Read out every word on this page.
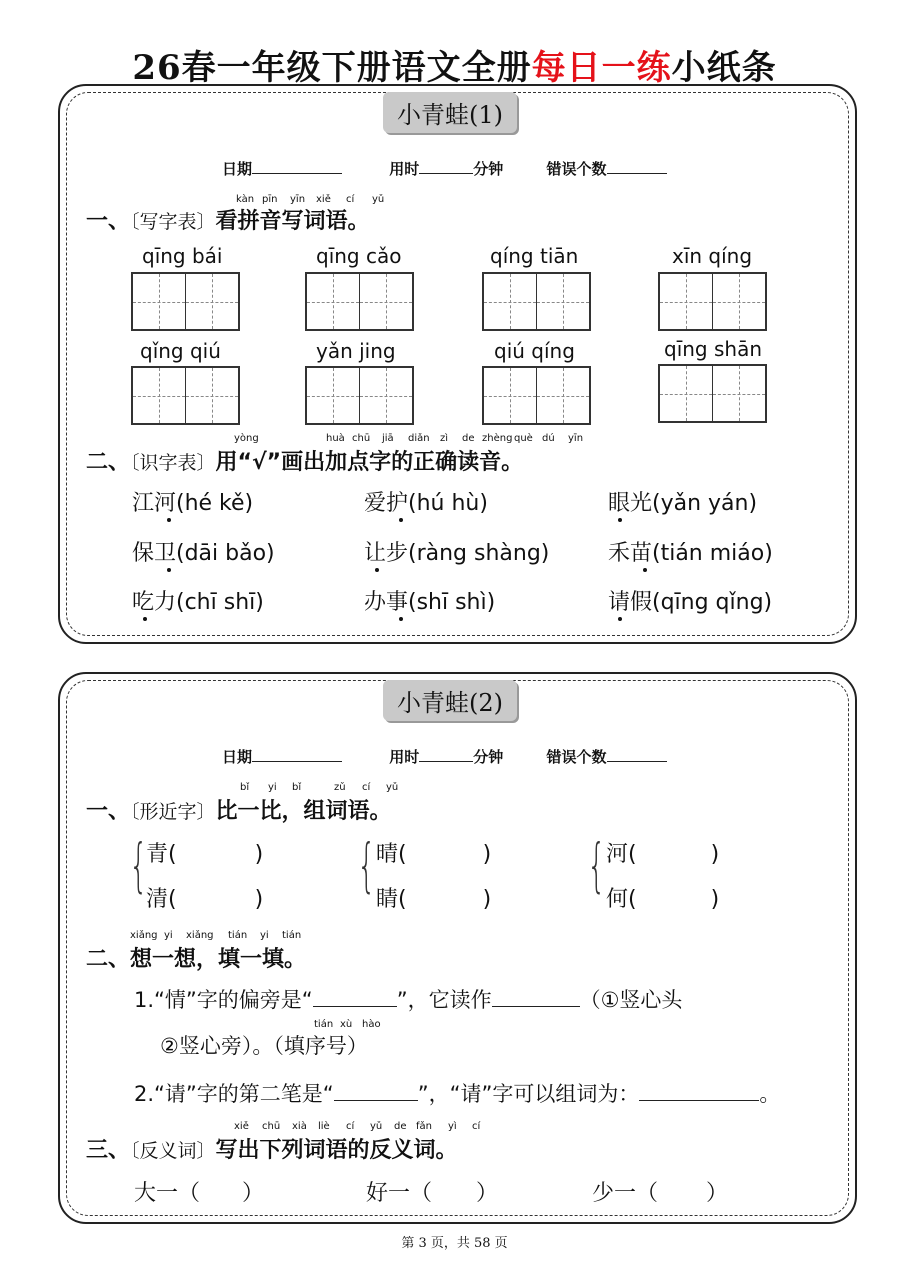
26春一年级下册语文全册每日一练小纸条
小青蛙(1)
日期	用时	分钟	错误个数
一、〔写字表〕看拼音写词语。
kàn pīn yīn xiě cí yǔ
qīng bái	qīng cǎo	qíng tiān	xīn qíng
qǐng qiú	yǎn jing	qiú qíng	qīng shān
二、〔识字表〕用“√”画出加点字的正确读音。
yòng	huà chū jiā diǎn zì de zhèng què dú yīn
江河(hé kě)	爱护(hú hù)	眼光(yǎn yán)
保卫(dāi bǎo)	让步(ràng shàng)	禾苗(tián miáo)
吃力(chī shī)	办事(shī shì)	请假(qīng qǐng)
小青蛙(2)
日期	用时	分钟	错误个数
一、〔形近字〕比一比，组词语。
bǐ yi bǐ	zǔ cí yǔ
{	{	{
青(	)
清(	)
晴(	)
睛(	)
河(	)
何(	)
二、想一想，填一填。
xiǎng yi xiǎng tián yi tián
1.“情”字的偏旁是“	”，它读作	（①竖心头
②竖心旁）。（填序号）
tián xù hào
2.“请”字的第二笔是“	”，“请”字可以组词为：	。
三、〔反义词〕写出下列词语的反义词。
xiě chū xià liè cí yǔ de fǎn yì cí
大一（ ）	好一（ ）	少一（ ）
第 3 页，共 58 页
